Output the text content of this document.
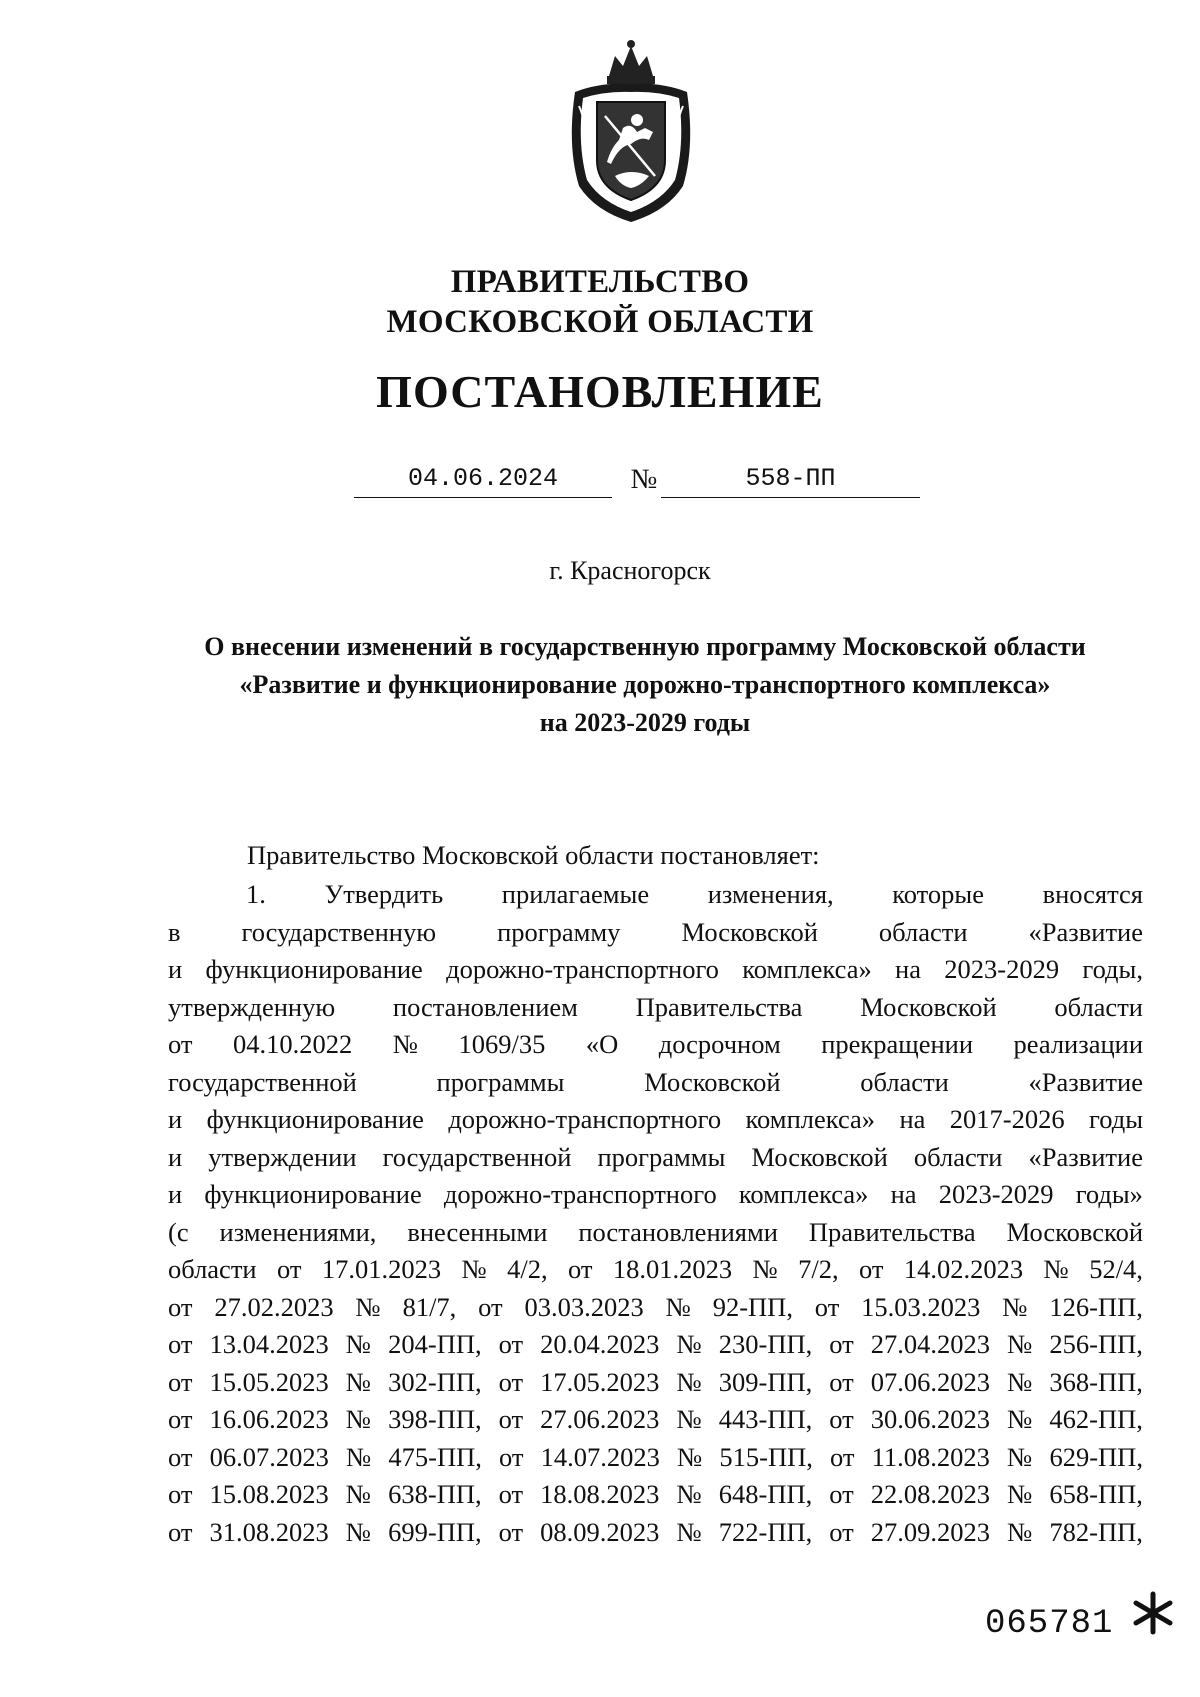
ПРАВИТЕЛЬСТВО
МОСКОВСКОЙ ОБЛАСТИ
ПОСТАНОВЛЕНИЕ
04.06.2024	№	558-ПП
г. Красногорск
О внесении изменений в государственную программу Московской области
«Развитие и функционирование дорожно-транспортного комплекса»
на 2023-2029 годы
Правительство Московской области постановляет:
1. Утвердить прилагаемые изменения, которые вносятся
в государственную программу Московской области «Развитие
и функционирование дорожно-транспортного комплекса» на 2023-2029 годы,
утвержденную постановлением Правительства Московской области
от 04.10.2022 № 1069/35 «О досрочном прекращении реализации
государственной	программы	Московской	области	«Развитие
и функционирование дорожно-транспортного комплекса» на 2017-2026 годы
и утверждении государственной программы Московской области «Развитие
и функционирование дорожно-транспортного комплекса» на 2023-2029 годы»
(с изменениями, внесенными постановлениями Правительства Московской
области от 17.01.2023 № 4/2, от 18.01.2023 № 7/2, от 14.02.2023 № 52/4,
от 27.02.2023 № 81/7, от 03.03.2023 № 92-ПП, от 15.03.2023 № 126-ПП,
от 13.04.2023 № 204-ПП, от 20.04.2023 № 230-ПП, от 27.04.2023 № 256-ПП,
от 15.05.2023 № 302-ПП, от 17.05.2023 № 309-ПП, от 07.06.2023 № 368-ПП,
от 16.06.2023 № 398-ПП, от 27.06.2023 № 443-ПП, от 30.06.2023 № 462-ПП,
от 06.07.2023 № 475-ПП, от 14.07.2023 № 515-ПП, от 11.08.2023 № 629-ПП,
от 15.08.2023 № 638-ПП, от 18.08.2023 № 648-ПП, от 22.08.2023 № 658-ПП,
от 31.08.2023 № 699-ПП, от 08.09.2023 № 722-ПП, от 27.09.2023 № 782-ПП,
065781
